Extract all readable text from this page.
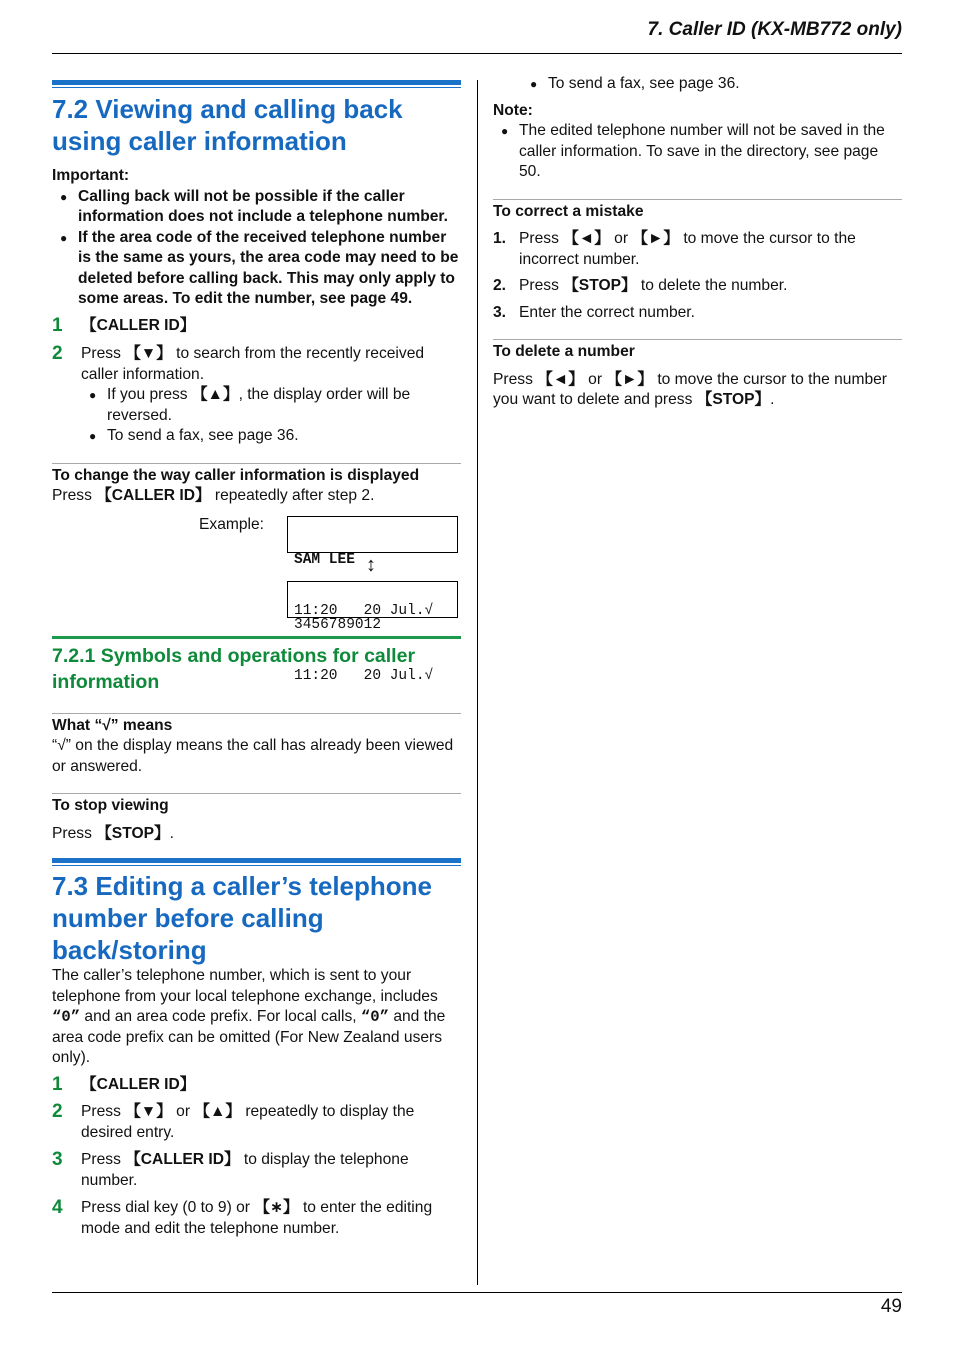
7. Caller ID (KX-MB772 only)
7.2 Viewing and calling back
using caller information
Important:
● Calling back will not be possible if the caller information does not include a telephone number.
● If the area code of the received telephone number is the same as yours, the area code may need to be deleted before calling back. This may only apply to some areas. To edit the number, see page 49.
1 【CALLER ID】
2 Press 【▼】 to search from the recently received caller information.
● If you press 【▲】, the display order will be reversed.
● To send a fax, see page 36.
To change the way caller information is displayed
Press 【CALLER ID】 repeatedly after step 2.
Example:

SAM LEE

11:20   20 Jul.√

↕

3456789012

11:20   20 Jul.√

7.2.1 Symbols and operations for caller
information
What “√” means
“√” on the display means the call has already been viewed or answered.
To stop viewing
Press 【STOP】.
7.3 Editing a caller’s telephone
number before calling
back/storing
The caller’s telephone number, which is sent to your telephone from your local telephone exchange, includes “0” and an area code prefix. For local calls, “0” and the area code prefix can be omitted (For New Zealand users only).
1 【CALLER ID】
2 Press 【▼】 or 【▲】 repeatedly to display the desired entry.
3 Press 【CALLER ID】 to display the telephone number.
4 Press dial key (0 to 9) or 【∗】 to enter the editing mode and edit the telephone number.
● To send a fax, see page 36.
Note:
● The edited telephone number will not be saved in the caller information. To save in the directory, see page 50.
To correct a mistake
1. Press 【◄】 or 【►】 to move the cursor to the incorrect number.
2. Press 【STOP】 to delete the number.
3. Enter the correct number.
To delete a number
Press 【◄】 or 【►】 to move the cursor to the number you want to delete and press 【STOP】.
49
